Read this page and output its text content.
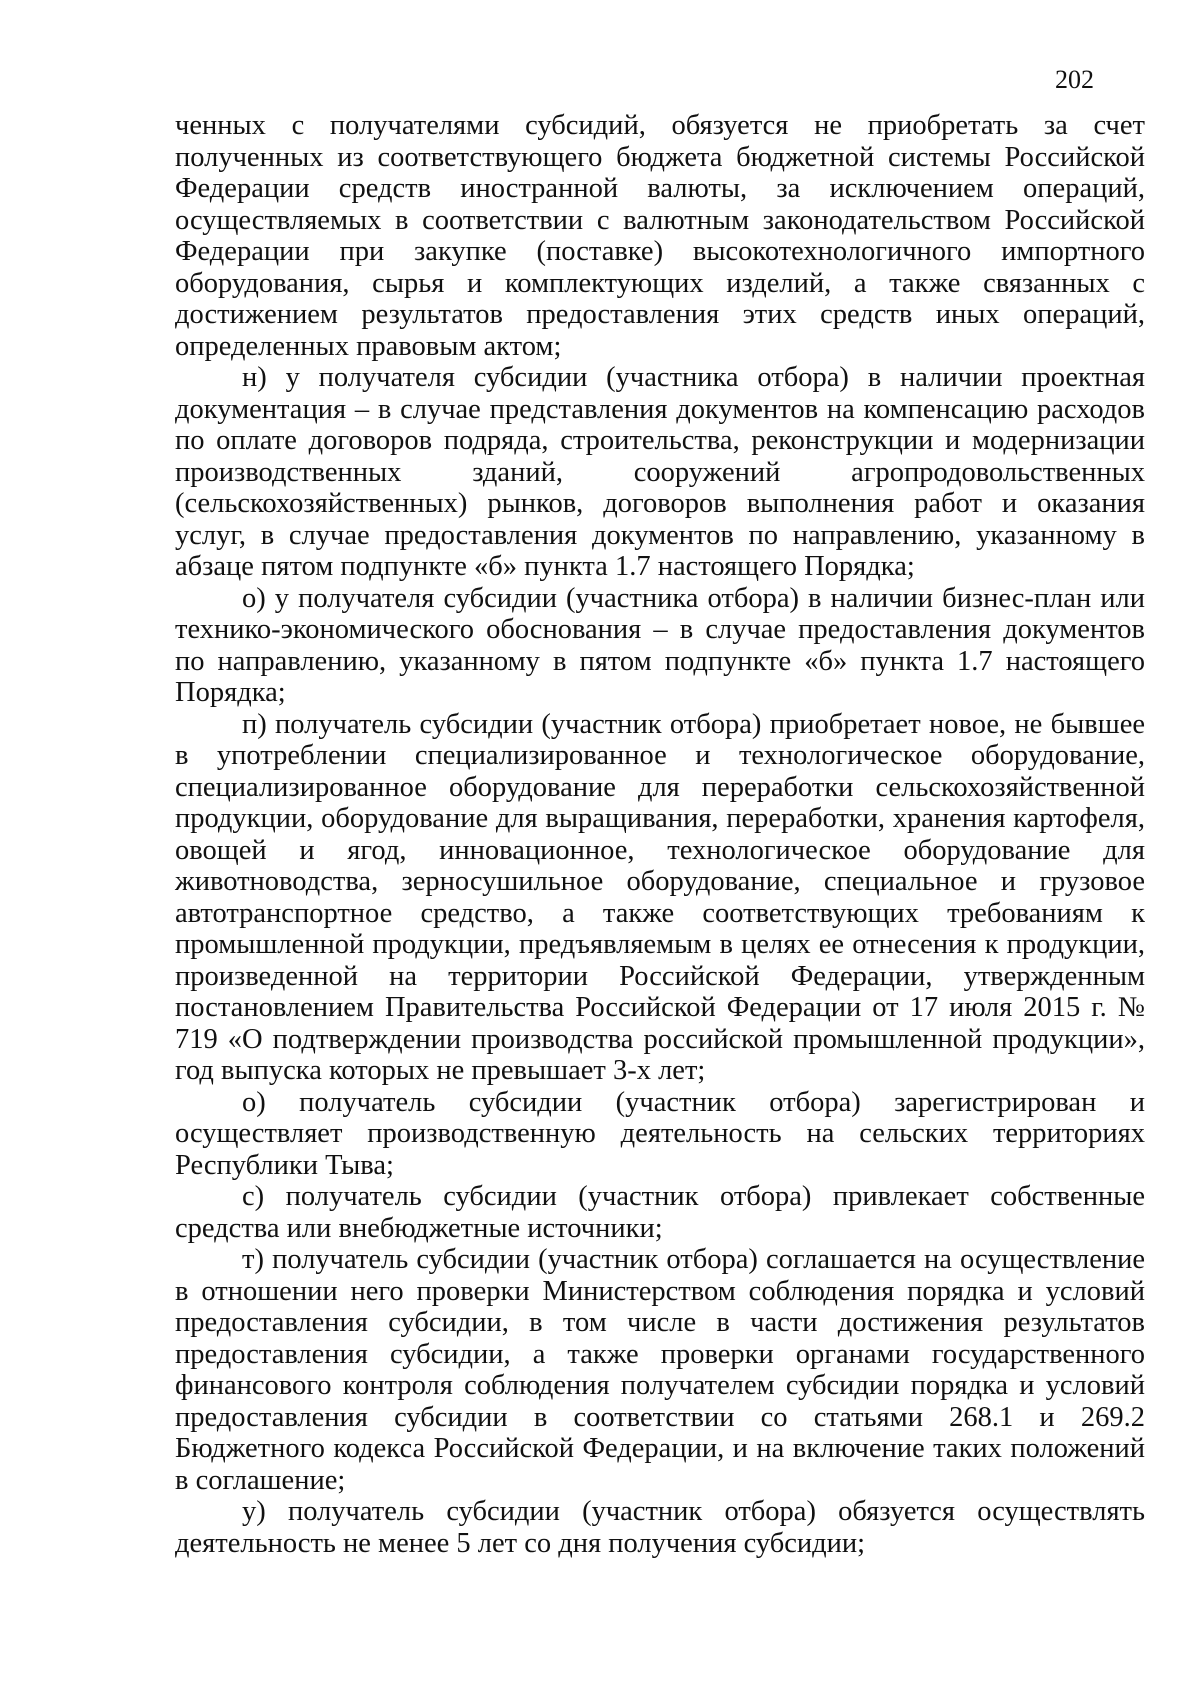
202

ченных с получателями субсидий, обязуется не приобретать за счет полученных из соответствующего бюджета бюджетной системы Российской Федерации средств иностранной валюты, за исключением операций, осуществляемых в соответствии с валютным законодательством Российской Федерации при закупке (поставке) высокотехнологичного импортного оборудования, сырья и комплектующих изделий, а также связанных с достижением результатов предоставления этих средств иных операций, определенных правовым актом;

н) у получателя субсидии (участника отбора) в наличии проектная документация – в случае представления документов на компенсацию расходов по оплате договоров подряда, строительства, реконструкции и модернизации производственных зданий, сооружений агропродовольственных (сельскохозяйственных) рынков, договоров выполнения работ и оказания услуг, в случае предоставления документов по направлению, указанному в абзаце пятом подпункте «б» пункта 1.7 настоящего Порядка;

о) у получателя субсидии (участника отбора) в наличии бизнес-план или технико-экономического обоснования – в случае предоставления документов по направлению, указанному в пятом подпункте «б» пункта 1.7 настоящего Порядка;

п) получатель субсидии (участник отбора) приобретает новое, не бывшее в употреблении специализированное и технологическое оборудование, специализированное оборудование для переработки сельскохозяйственной продукции, оборудование для выращивания, переработки, хранения картофеля, овощей и ягод, инновационное, технологическое оборудование для животноводства, зерносушильное оборудование, специальное и грузовое автотранспортное средство, а также соответствующих требованиям к промышленной продукции, предъявляемым в целях ее отнесения к продукции, произведенной на территории Российской Федерации, утвержденным постановлением Правительства Российской Федерации от 17 июля 2015 г. № 719 «О подтверждении производства российской промышленной продукции», год выпуска которых не превышает 3-х лет;

о) получатель субсидии (участник отбора) зарегистрирован и осуществляет производственную деятельность на сельских территориях Республики Тыва;

с) получатель субсидии (участник отбора) привлекает собственные средства или внебюджетные источники;

т) получатель субсидии (участник отбора) соглашается на осуществление в отношении него проверки Министерством соблюдения порядка и условий предоставления субсидии, в том числе в части достижения результатов предоставления субсидии, а также проверки органами государственного финансового контроля соблюдения получателем субсидии порядка и условий предоставления субсидии в соответствии со статьями 268.1 и 269.2 Бюджетного кодекса Российской Федерации, и на включение таких положений в соглашение;

у) получатель субсидии (участник отбора) обязуется осуществлять деятельность не менее 5 лет со дня получения субсидии;
